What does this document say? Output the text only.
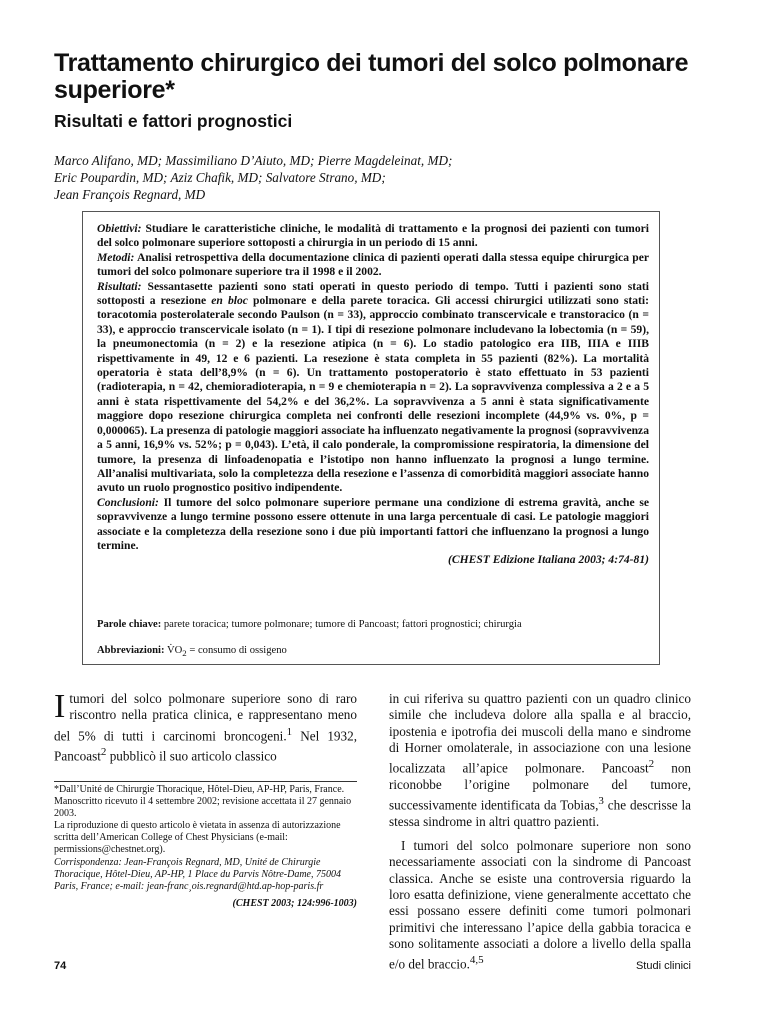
Trattamento chirurgico dei tumori del solco polmonare superiore*
Risultati e fattori prognostici
Marco Alifano, MD; Massimiliano D’Aiuto, MD; Pierre Magdeleinat, MD;
Eric Poupardin, MD; Aziz Chafik, MD; Salvatore Strano, MD;
Jean François Regnard, MD

Obiettivi: Studiare le caratteristiche cliniche, le modalità di trattamento e la prognosi dei pazienti con tumori del solco polmonare superiore sottoposti a chirurgia in un periodo di 15 anni.

Metodi: Analisi retrospettiva della documentazione clinica di pazienti operati dalla stessa equipe chirurgica per tumori del solco polmonare superiore tra il 1998 e il 2002.

Risultati: Sessantasette pazienti sono stati operati in questo periodo di tempo. Tutti i pazienti sono stati sottoposti a resezione en bloc polmonare e della parete toracica. Gli accessi chirurgici utilizzati sono stati: toracotomia posterolaterale secondo Paulson (n = 33), approccio combinato transcervicale e transtoracico (n = 33), e approccio transcervicale isolato (n = 1). I tipi di resezione polmonare includevano la lobectomia (n = 59), la pneumonectomia (n = 2) e la resezione atipica (n = 6). Lo stadio patologico era IIB, IIIA e IIIB rispettivamente in 49, 12 e 6 pazienti. La resezione è stata completa in 55 pazienti (82%). La mortalità operatoria è stata dell’8,9% (n = 6). Un trattamento postoperatorio è stato effettuato in 53 pazienti (radioterapia, n = 42, chemioradioterapia, n = 9 e chemioterapia n = 2). La sopravvivenza complessiva a 2 e a 5 anni è stata rispettivamente del 54,2% e del 36,2%. La sopravvivenza a 5 anni è stata significativamente maggiore dopo resezione chirurgica completa nei confronti delle resezioni incomplete (44,9% vs. 0%, p = 0,000065). La presenza di patologie maggiori associate ha influenzato negativamente la prognosi (sopravvivenza a 5 anni, 16,9% vs. 52%; p = 0,043). L’età, il calo ponderale, la compromissione respiratoria, la dimensione del tumore, la presenza di linfoadenopatia e l’istotipo non hanno influenzato la prognosi a lungo termine. All’analisi multivariata, solo la completezza della resezione e l’assenza di comorbidità maggiori associate hanno avuto un ruolo prognostico positivo indipendente.

Conclusioni: Il tumore del solco polmonare superiore permane una condizione di estrema gravità, anche se sopravvivenze a lungo termine possono essere ottenute in una larga percentuale di casi. Le patologie maggiori associate e la completezza della resezione sono i due più importanti fattori che influenzano la prognosi a lungo termine.

(CHEST Edizione Italiana 2003; 4:74-81)

Parole chiave: parete toracica; tumore polmonare; tumore di Pancoast; fattori prognostici; chirurgia
Abbreviazioni: $V̇O_2$ = consumo di ossigeno

Itumori del solco polmonare superiore sono di raro riscontro nella pratica clinica, e rappresentano meno del 5% di tutti i carcinomi broncogeni.$^1$ Nel 1932, Pancoast$^2$ pubblicò il suo articolo classico

*Dall’Unité de Chirurgie Thoracique, Hôtel-Dieu, AP-HP, Paris, France.

Manoscritto ricevuto il 4 settembre 2002; revisione accettata il 27 gennaio 2003.

La riproduzione di questo articolo è vietata in assenza di autorizzazione scritta dell’American College of Chest Physicians (e-mail: permissions@chestnet.org).

Corrispondenza: Jean-François Regnard, MD, Unité de Chirurgie Thoracique, Hôtel-Dieu, AP-HP, 1 Place du Parvis Nôtre-Dame, 75004 Paris, France; e-mail: jean-franc¸ois.regnard@htd.ap-hop-paris.fr

(CHEST 2003; 124:996-1003)

in cui riferiva su quattro pazienti con un quadro clinico simile che includeva dolore alla spalla e al braccio, ipostenia e ipotrofia dei muscoli della mano e sindrome di Horner omolaterale, in associazione con una lesione localizzata all’apice polmonare. Pancoast$^2$ non riconobbe l’origine polmonare del tumore, successivamente identificata da Tobias,$^3$ che descrisse la stessa sindrome in altri quattro pazienti.

I tumori del solco polmonare superiore non sono necessariamente associati con la sindrome di Pancoast classica. Anche se esiste una controversia riguardo la loro esatta definizione, viene generalmente accettato che essi possano essere definiti come tumori polmonari primitivi che interessano l’apice della gabbia toracica e sono solitamente associati a dolore a livello della spalla e/o del braccio.$^{4,5}$

74	Studi clinici
